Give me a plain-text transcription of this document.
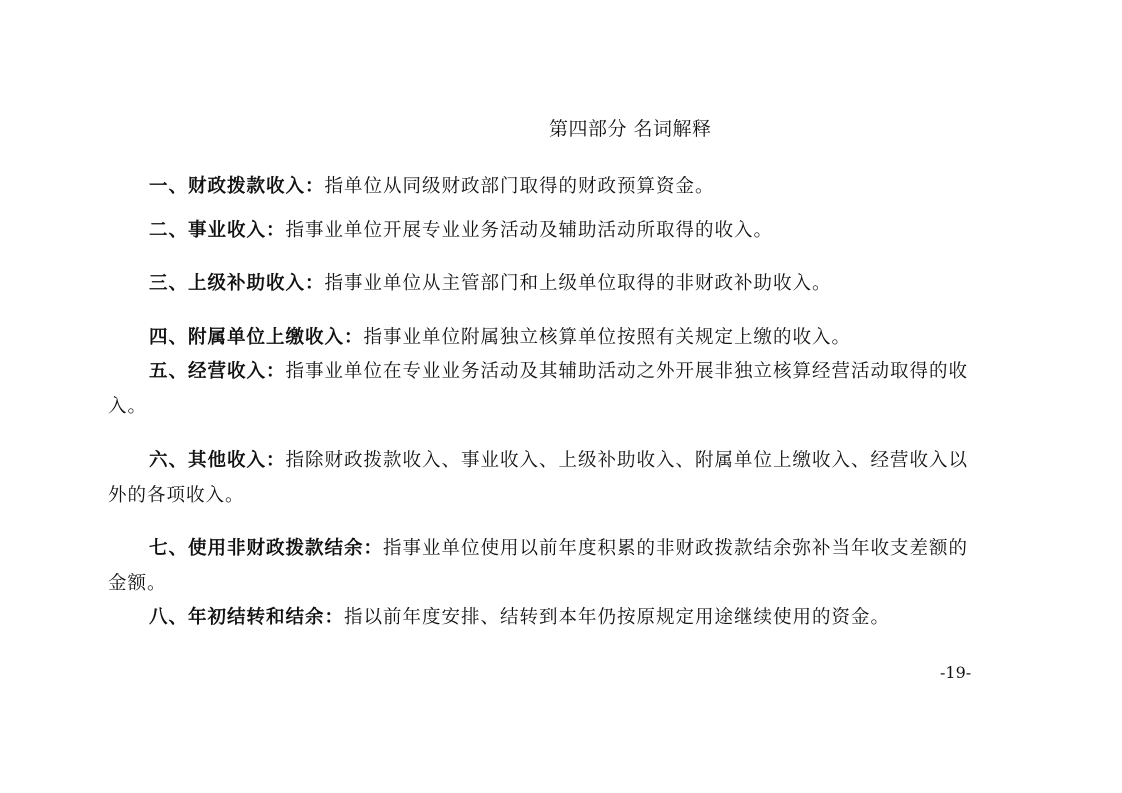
第四部分 名词解释

一、财政拨款收入：指单位从同级财政部门取得的财政预算资金。

二、事业收入：指事业单位开展专业业务活动及辅助活动所取得的收入。

三、上级补助收入：指事业单位从主管部门和上级单位取得的非财政补助收入。

四、附属单位上缴收入：指事业单位附属独立核算单位按照有关规定上缴的收入。

五、经营收入：指事业单位在专业业务活动及其辅助活动之外开展非独立核算经营活动取得的收入。

六、其他收入：指除财政拨款收入、事业收入、上级补助收入、附属单位上缴收入、经营收入以外的各项收入。

七、使用非财政拨款结余：指事业单位使用以前年度积累的非财政拨款结余弥补当年收支差额的金额。

八、年初结转和结余：指以前年度安排、结转到本年仍按原规定用途继续使用的资金。

-19-
